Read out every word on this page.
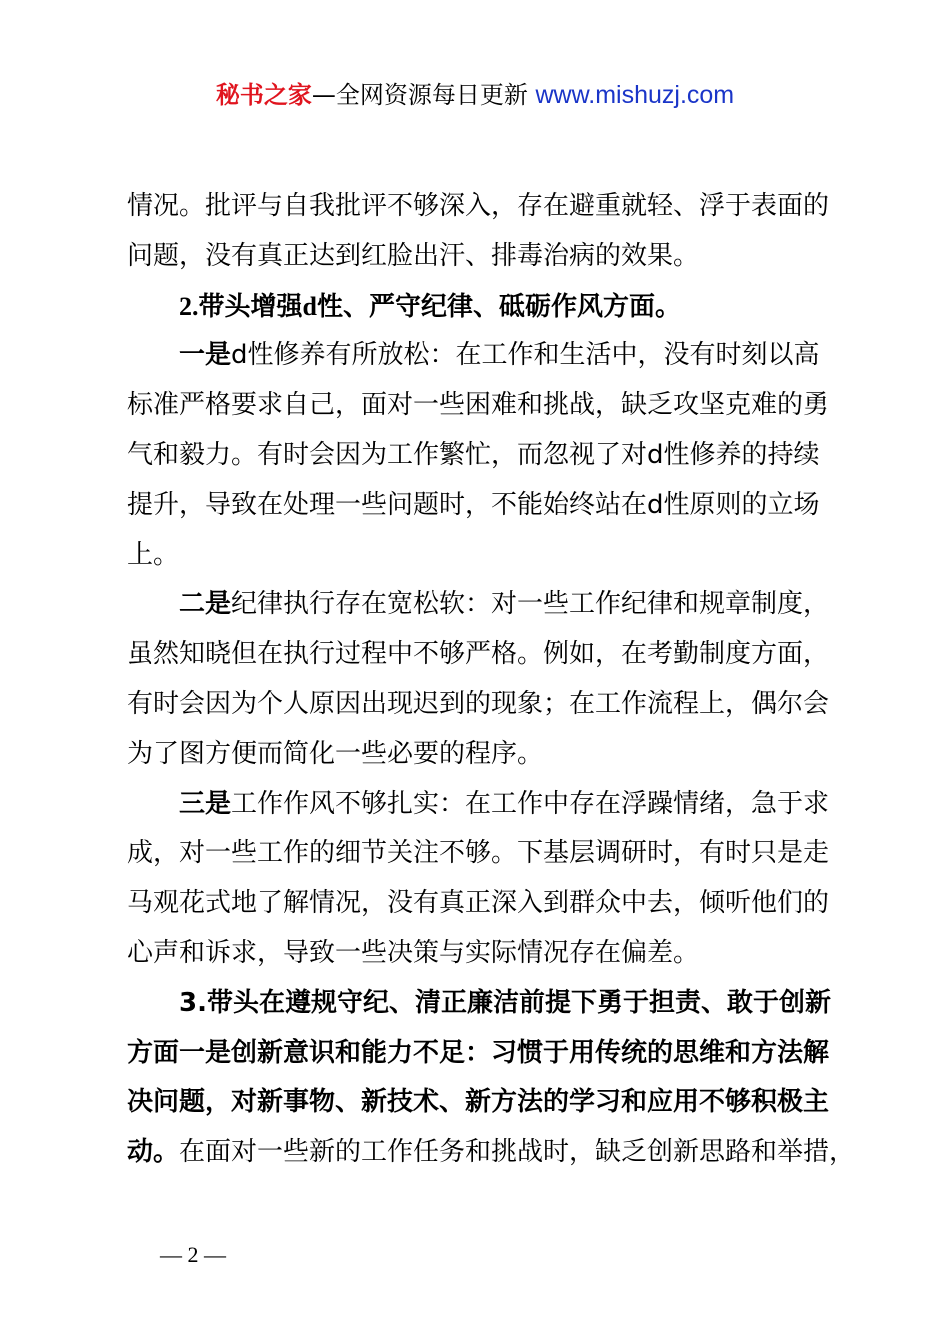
秘书之家—全网资源每日更新 www.mishuzj.com
情况。批评与自我批评不够深入，存在避重就轻、浮于表面的
问题，没有真正达到红脸出汗、排毒治病的效果。
2.带头增强d性、严守纪律、砥砺作风方面。
一是d性修养有所放松：在工作和生活中，没有时刻以高
标准严格要求自己，面对一些困难和挑战，缺乏攻坚克难的勇
气和毅力。有时会因为工作繁忙，而忽视了对d性修养的持续
提升，导致在处理一些问题时，不能始终站在d性原则的立场
上。
二是纪律执行存在宽松软：对一些工作纪律和规章制度，
虽然知晓但在执行过程中不够严格。例如，在考勤制度方面，
有时会因为个人原因出现迟到的现象；在工作流程上，偶尔会
为了图方便而简化一些必要的程序。
三是工作作风不够扎实：在工作中存在浮躁情绪，急于求
成，对一些工作的细节关注不够。下基层调研时，有时只是走
马观花式地了解情况，没有真正深入到群众中去，倾听他们的
心声和诉求，导致一些决策与实际情况存在偏差。
3.带头在遵规守纪、清正廉洁前提下勇于担责、敢于创新
方面一是创新意识和能力不足：习惯于用传统的思维和方法解
决问题，对新事物、新技术、新方法的学习和应用不够积极主
动。在面对一些新的工作任务和挑战时，缺乏创新思路和举措，
— 2 —
